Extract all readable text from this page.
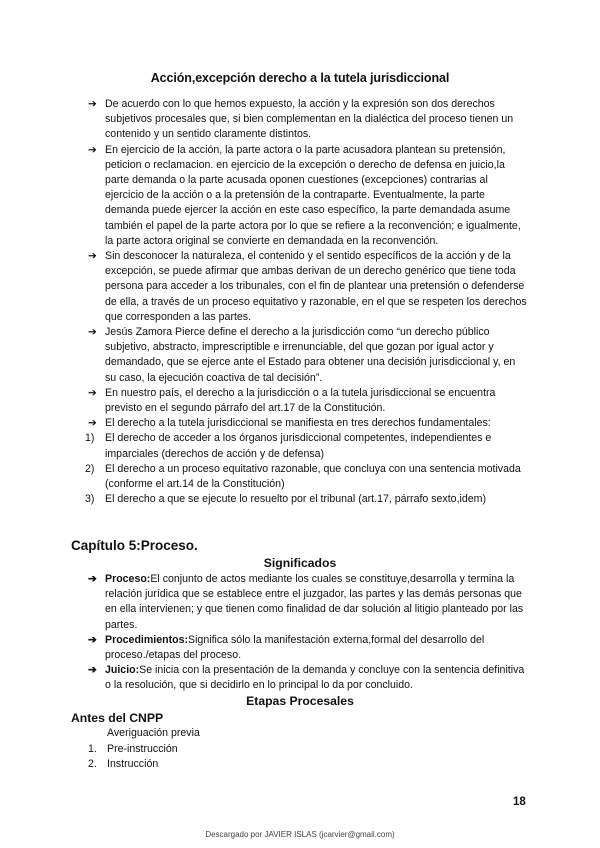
Acción,excepción derecho a la tutela jurisdiccional
➔ De acuerdo con lo que hemos expuesto, la acción y la expresión son dos derechos subjetivos procesales que, si bien complementan en la dialéctica del proceso tienen un contenido y un sentido claramente distintos.
➔ En ejercicio de la acción, la parte actora o la parte acusadora plantean su pretensión, peticion o reclamacion. en ejercicio de la excepción o derecho de defensa en juicio,la parte demanda o la parte acusada oponen cuestiones (excepciones) contrarias al ejercicio de la acción o a la pretensión de la contraparte. Eventualmente, la parte demanda puede ejercer la acción en este caso específico, la parte demandada asume también el papel de la parte actora por lo que se refiere a la reconvención; e igualmente, la parte actora original se convierte en demandada en la reconvención.
➔ Sin desconocer la naturaleza, el contenido y el sentido específicos de la acción y de la excepción, se puede afirmar que ambas derivan de un derecho genérico que tiene toda persona para acceder a los tribunales, con el fin de plantear una pretensión o defenderse de ella, a través de un proceso equitativo y razonable, en el que se respeten los derechos que corresponden a las partes.
➔ Jesús Zamora Pierce define el derecho a la jurisdicción como “un derecho público subjetivo, abstracto, imprescriptible e irrenunciable, del que gozan por igual actor y demandado, que se ejerce ante el Estado para obtener una decisión jurisdiccional y, en su caso, la ejecución coactiva de tal decisión”.
➔ En nuestro país, el derecho a la jurisdicción o a la tutela jurisdiccional se encuentra previsto en el segundo párrafo del art.17 de la Constitución.
➔ El derecho a la tutela jurisdiccional se manifiesta en tres derechos fundamentales:
1) El derecho de acceder a los órganos jurisdiccional competentes, independientes e imparciales (derechos de acción y de defensa)
2) El derecho a un proceso equitativo razonable, que concluya con una sentencia motivada (conforme el art.14 de la Constitución)
3) El derecho a que se ejecute lo resuelto por el tribunal (art.17, párrafo sexto,idem)
Capítulo 5:Proceso.
Significados
➔ Proceso:El conjunto de actos mediante los cuales se constituye,desarrolla y termina la relación jurídica que se establece entre el juzgador, las partes y las demás personas que en ella intervienen; y que tienen como finalidad de dar solución al litigio planteado por las partes.
➔ Procedimientos:Significa sólo la manifestación externa,formal del desarrollo del proceso./etapas del proceso.
➔ Juicio:Se inicia con la presentación de la demanda y concluye con la sentencia definitiva o la resolución, que si decidirlo en lo principal lo da por concluido.
Etapas Procesales
Antes del CNPP
Averiguación previa
1. Pre-instrucción
2. Instrucción
18
Descargado por JAVIER ISLAS (jcarvier@gmail.com)
